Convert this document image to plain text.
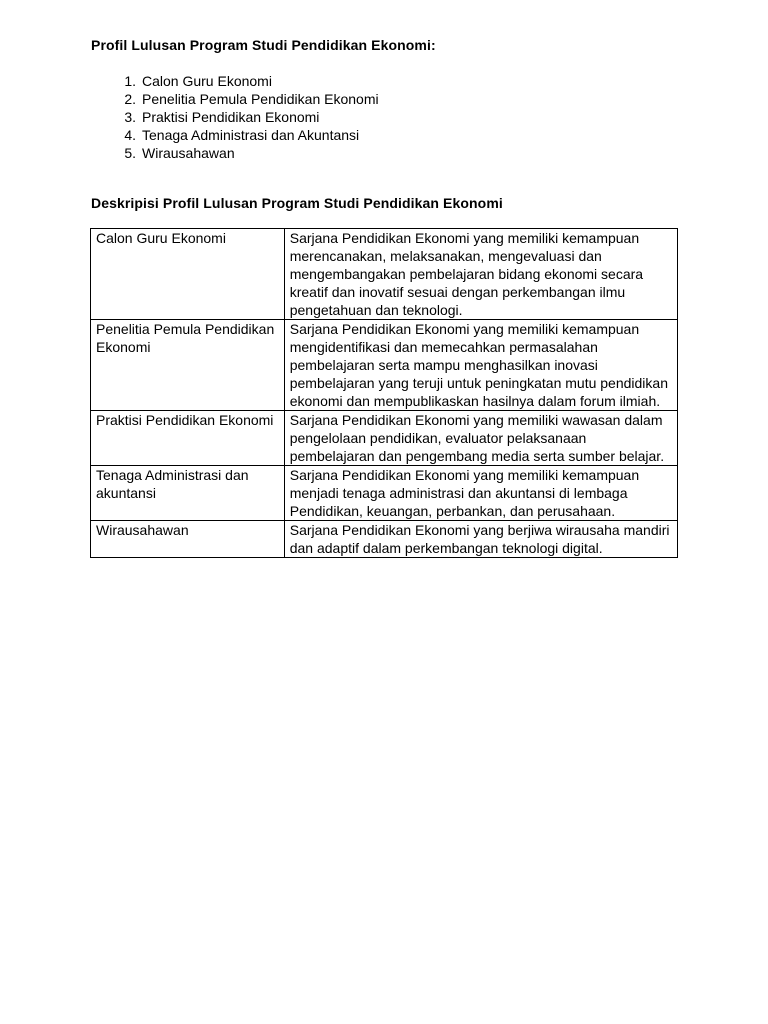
Profil Lulusan Program Studi Pendidikan Ekonomi:
1 . Calon Guru Ekonomi
2 . Penelitia Pemula Pendidikan Ekonomi
3 . Praktisi Pendidikan Ekonomi
4 . Tenaga Administrasi dan Akuntansi
5 . Wirausahawan
Deskripisi Profil Lulusan Program Studi Pendidikan Ekonomi
Calon Guru Ekonomi	Sarjana Pendidikan Ekonomi yang memiliki kemampuan merencanakan, melaksanakan, mengevaluasi dan mengembangakan pembelajaran bidang ekonomi secara kreatif dan inovatif sesuai dengan perkembangan ilmu pengetahuan dan teknologi.
Penelitia Pemula Pendidikan Ekonomi	Sarjana Pendidikan Ekonomi yang memiliki kemampuan mengidentifikasi dan memecahkan permasalahan pembelajaran serta mampu menghasilkan inovasi pembelajaran yang teruji untuk peningkatan mutu pendidikan ekonomi dan mempublikaskan hasilnya dalam forum ilmiah.
Praktisi Pendidikan Ekonomi	Sarjana Pendidikan Ekonomi yang memiliki wawasan dalam pengelolaan pendidikan, evaluator pelaksanaan pembelajaran dan pengembang media serta sumber belajar.
Tenaga Administrasi dan akuntansi	Sarjana Pendidikan Ekonomi yang memiliki kemampuan menjadi tenaga administrasi dan akuntansi di lembaga Pendidikan, keuangan, perbankan, dan perusahaan.
Wirausahawan	Sarjana Pendidikan Ekonomi yang berjiwa wirausaha mandiri dan adaptif dalam perkembangan teknologi digital.
